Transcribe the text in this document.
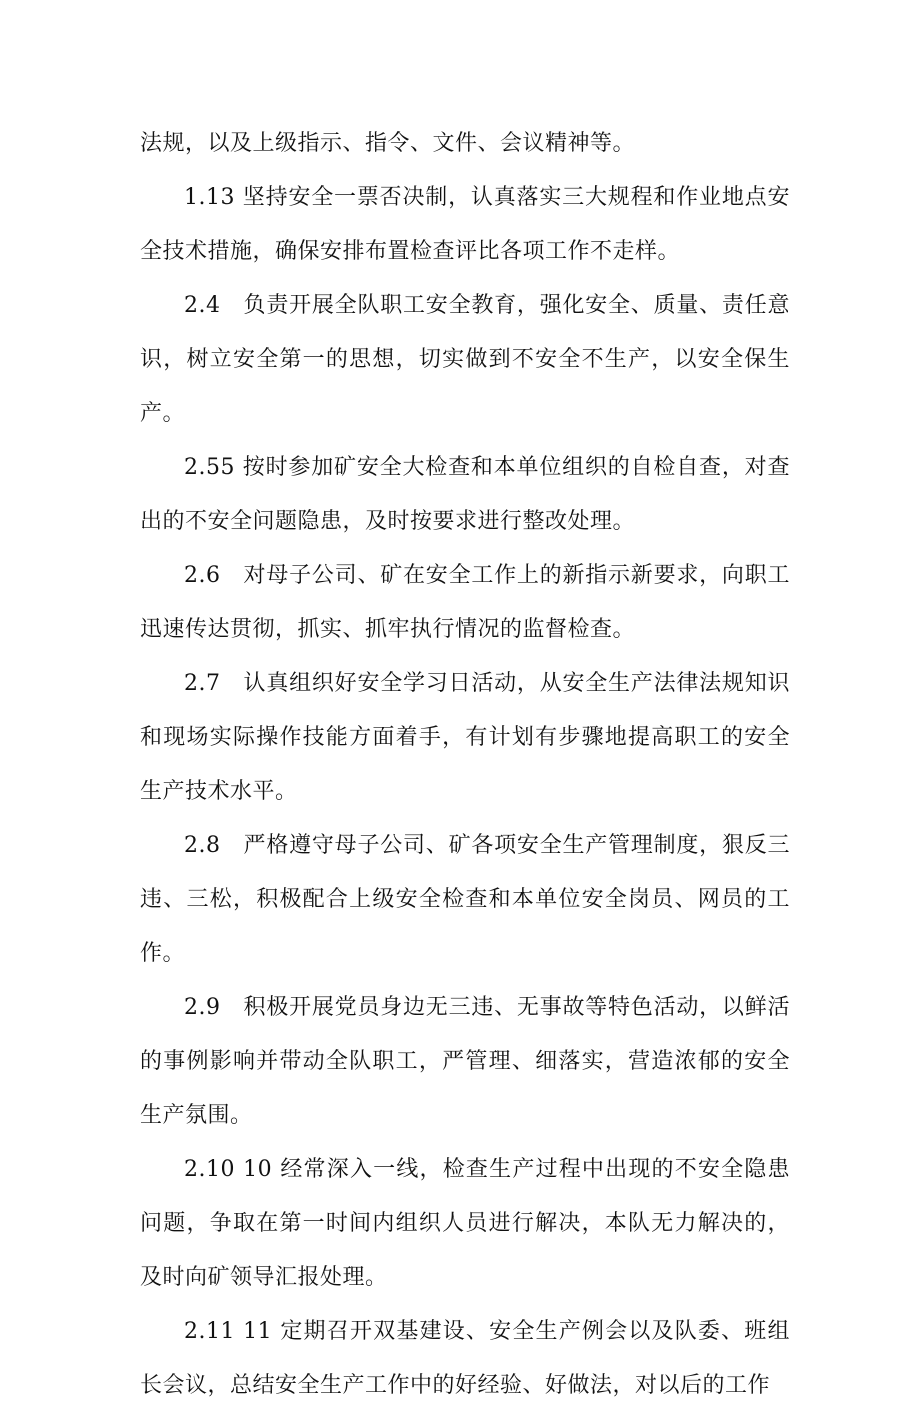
法规，以及上级指示、指令、文件、会议精神等。

1.13 坚持安全一票否决制，认真落实三大规程和作业地点安全技术措施，确保安排布置检查评比各项工作不走样。

2.4　负责开展全队职工安全教育，强化安全、质量、责任意识，树立安全第一的思想，切实做到不安全不生产，以安全保生产。

2.55 按时参加矿安全大检查和本单位组织的自检自查，对查出的不安全问题隐患，及时按要求进行整改处理。

2.6　对母子公司、矿在安全工作上的新指示新要求，向职工迅速传达贯彻，抓实、抓牢执行情况的监督检查。

2.7　认真组织好安全学习日活动，从安全生产法律法规知识和现场实际操作技能方面着手，有计划有步骤地提高职工的安全生产技术水平。

2.8　严格遵守母子公司、矿各项安全生产管理制度，狠反三违、三松，积极配合上级安全检查和本单位安全岗员、网员的工作。

2.9　积极开展党员身边无三违、无事故等特色活动，以鲜活的事例影响并带动全队职工，严管理、细落实，营造浓郁的安全生产氛围。

2.10 10 经常深入一线，检查生产过程中出现的不安全隐患问题，争取在第一时间内组织人员进行解决，本队无力解决的，及时向矿领导汇报处理。

2.11 11 定期召开双基建设、安全生产例会以及队委、班组长会议，总结安全生产工作中的好经验、好做法，对以后的工作
